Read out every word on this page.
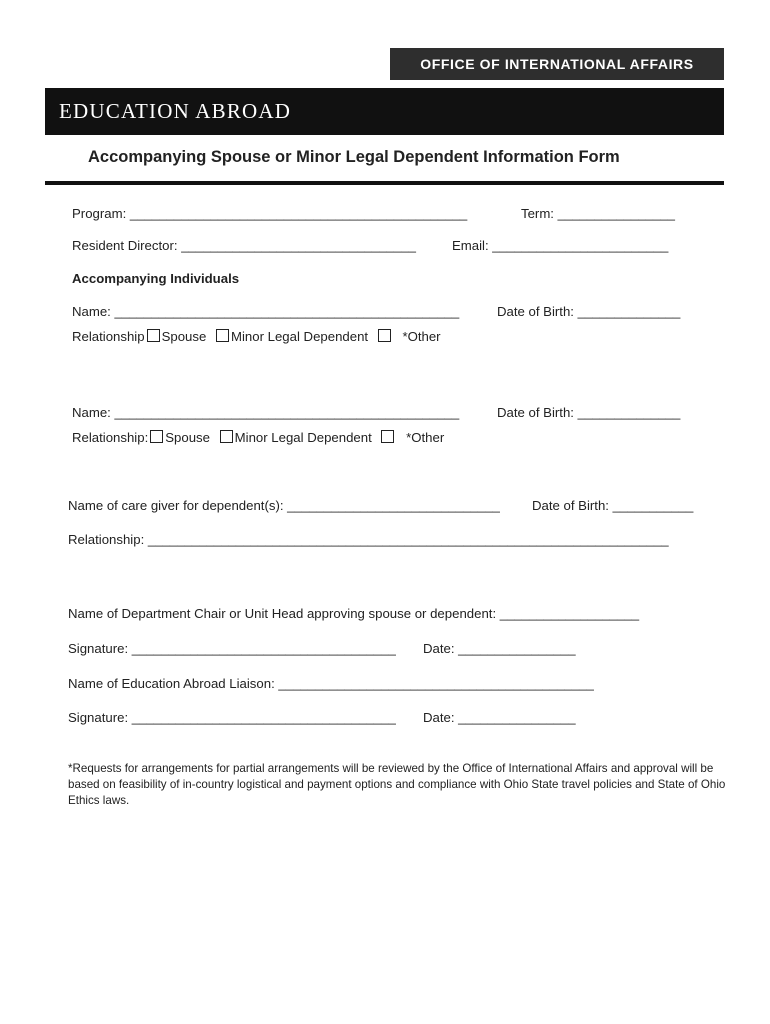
OFFICE OF INTERNATIONAL AFFAIRS
EDUCATION ABROAD
Accompanying Spouse or Minor Legal Dependent Information Form
Program: ______________________________________________	Term: ________________
Resident Director: ________________________________	Email: ________________________
Accompanying Individuals
Name: _______________________________________________	Date of Birth: ______________
Relationship Spouse Minor Legal Dependent	*Other
Name: _______________________________________________	Date of Birth: ______________
Relationship: Spouse Minor Legal Dependent	*Other
Name of care giver for dependent(s): _____________________________ Date of Birth: ___________
Relationship: _______________________________________________________________________
Name of Department Chair or Unit Head approving spouse or dependent: ___________________
Signature: ____________________________________ Date: ________________
Name of Education Abroad Liaison: ___________________________________________
Signature: ____________________________________ Date: ________________
*Requests for arrangements for partial arrangements will be reviewed by the Office of International Affairs and approval will be based on feasibility of in-country logistical and payment options and compliance with Ohio State travel policies and State of Ohio Ethics laws.
